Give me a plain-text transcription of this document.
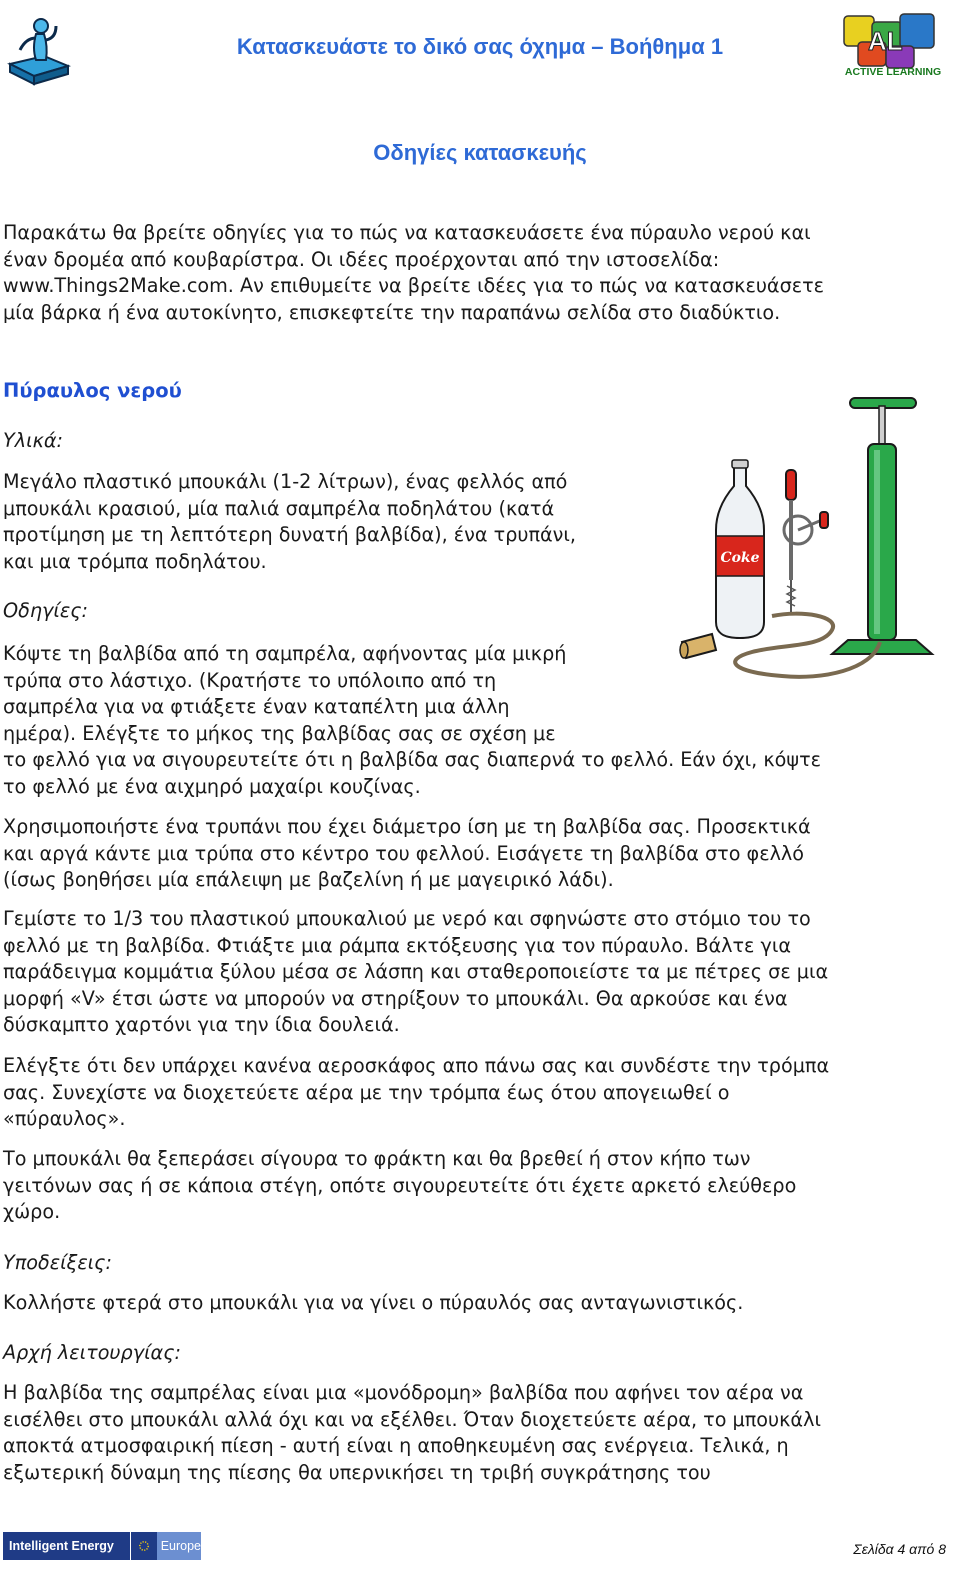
Κατασκευάστε το δικό σας όχημα – Βοήθημα 1	AL
ACTIVE LEARNING
Οδηγίες κατασκευής
Παρακάτω θα βρείτε οδηγίες για το πώς να κατασκευάσετε ένα πύραυλο νερού και
έναν δρομέα από κουβαρίστρα. Οι ιδέες προέρχονται από την ιστοσελίδα:
www.Things2Make.com. Αν επιθυμείτε να βρείτε ιδέες για το πώς να κατασκευάσετε
μία βάρκα ή ένα αυτοκίνητο, επισκεφτείτε την παραπάνω σελίδα στο διαδύκτιο.
Πύραυλος νερού
Υλικά:
Μεγάλο πλαστικό μπουκάλι (1-2 λίτρων), ένας φελλός από
μπουκάλι κρασιού, μία παλιά σαμπρέλα ποδηλάτου (κατά
προτίμηση με τη λεπτότερη δυνατή βαλβίδα), ένα τρυπάνι,
και μια τρόμπα ποδηλάτου.
Οδηγίες:
Κόψτε τη βαλβίδα από τη σαμπρέλα, αφήνοντας μία μικρή
τρύπα στο λάστιχο. (Κρατήστε το υπόλοιπο από τη
σαμπρέλα για να φτιάξετε έναν καταπέλτη μια άλλη
ημέρα). Ελέγξτε το μήκος της βαλβίδας σας σε σχέση με
το φελλό για να σιγουρευτείτε ότι η βαλβίδα σας διαπερνά το φελλό. Εάν όχι, κόψτε
το φελλό με ένα αιχμηρό μαχαίρι κουζίνας.
Χρησιμοποιήστε ένα τρυπάνι που έχει διάμετρο ίση με τη βαλβίδα σας. Προσεκτικά
και αργά κάντε μια τρύπα στο κέντρο του φελλού. Εισάγετε τη βαλβίδα στο φελλό
(ίσως βοηθήσει μία επάλειψη με βαζελίνη ή με μαγειρικό λάδι).
Γεμίστε το 1/3 του πλαστικού μπουκαλιού με νερό και σφηνώστε στο στόμιο του το
φελλό με τη βαλβίδα. Φτιάξτε μια ράμπα εκτόξευσης για τον πύραυλο. Βάλτε για
παράδειγμα κομμάτια ξύλου μέσα σε λάσπη και σταθεροποιείστε τα με πέτρες σε μια
μορφή «V» έτσι ώστε να μπορούν να στηρίξουν το μπουκάλι. Θα αρκούσε και ένα
δύσκαμπτο χαρτόνι για την ίδια δουλειά.
Ελέγξτε ότι δεν υπάρχει κανένα αεροσκάφος απο πάνω σας και συνδέστε την τρόμπα
σας. Συνεχίστε να διοχετεύετε αέρα με την τρόμπα έως ότου απογειωθεί ο
«πύραυλος».
Το μπουκάλι θα ξεπεράσει σίγουρα το φράκτη και θα βρεθεί ή στον κήπο των
γειτόνων σας ή σε κάποια στέγη, οπότε σιγουρευτείτε ότι έχετε αρκετό ελεύθερο
χώρο.
Υποδείξεις:
Κολλήστε φτερά στο μπουκάλι για να γίνει ο πύραυλός σας ανταγωνιστικός.
Αρχή λειτουργίας:
Η βαλβίδα της σαμπρέλας είναι μια «μονόδρομη» βαλβίδα που αφήνει τον αέρα να
εισέλθει στο μπουκάλι αλλά όχι και να εξέλθει. Όταν διοχετεύετε αέρα, το μπουκάλι
αποκτά ατμοσφαιρική πίεση - αυτή είναι η αποθηκευμένη σας ενέργεια. Τελικά, η
εξωτερική δύναμη της πίεσης θα υπερνικήσει τη τριβή συγκράτησης του
Coke
Intelligent Energy	Europe	Σελίδα 4 από 8
